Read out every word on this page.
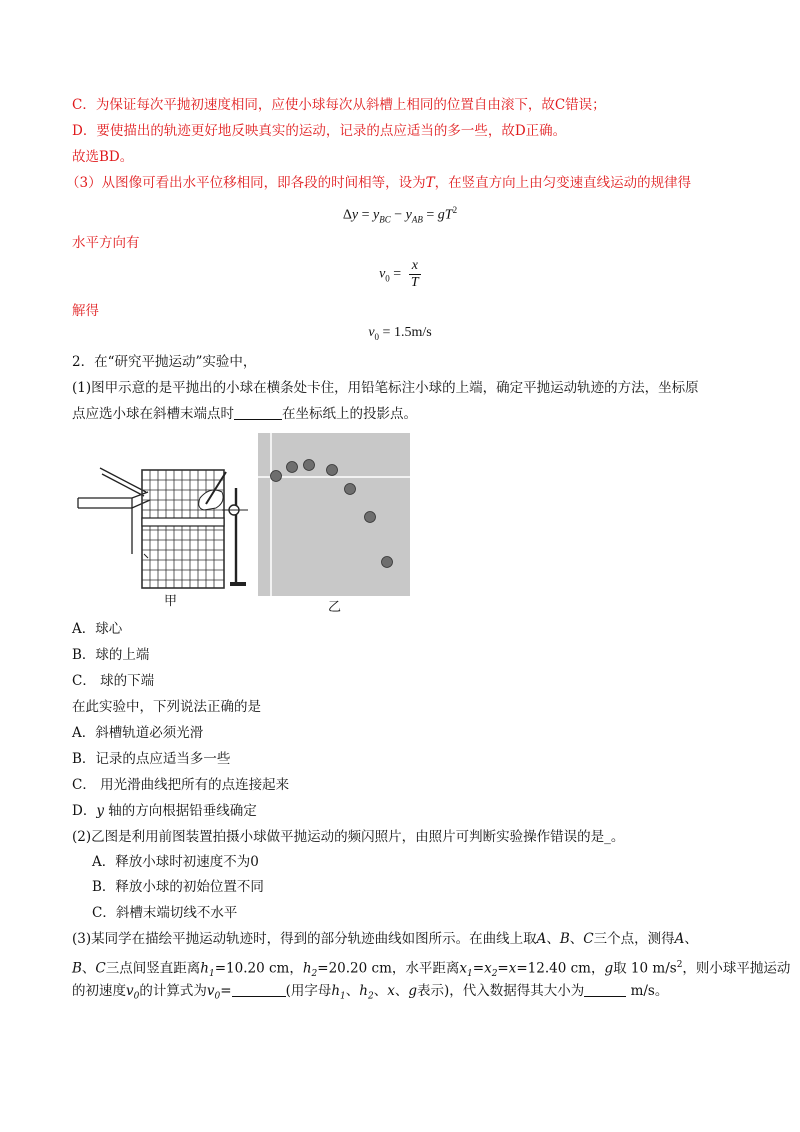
C．为保证每次平抛初速度相同，应使小球每次从斜槽上相同的位置自由滚下，故C错误；
D．要使描出的轨迹更好地反映真实的运动，记录的点应适当的多一些，故D正确。
故选BD。
（3）从图像可看出水平位移相同，即各段的时间相等，设为T，在竖直方向上由匀变速直线运动的规律得
$\Delta y = y_{BC} - y_{AB} = gT^2$
水平方向有
$v_0 = \frac{x}{T}$
解得
$v_0 = 1.5m/s$
2．在“研究平抛运动”实验中，
(1)图甲示意的是平抛出的小球在横条处卡住，用铅笔标注小球的上端，确定平抛运动轨迹的方法，坐标原
点应选小球在斜槽末端点时	在坐标纸上的投影点。
甲	乙
A．球心
B．球的上端
C． 球的下端
在此实验中，下列说法正确的是
A．斜槽轨道必须光滑
B．记录的点应适当多一些
C． 用光滑曲线把所有的点连接起来
D．y 轴的方向根据铅垂线确定
(2)乙图是利用前图装置拍摄小球做平抛运动的频闪照片，由照片可判断实验操作错误的是_。
A．释放小球时初速度不为0
B．释放小球的初始位置不同
C．斜槽末端切线不水平
(3)某同学在描绘平抛运动轨迹时，得到的部分轨迹曲线如图所示。在曲线上取A、B、C三个点，测得A、
B、C三点间竖直距离$h_1=10.20$ cm，$h_2=20.20$ cm，水平距离$x_1=x_2=x=12.40$ cm，g取 10 $m/s^2$，则小球平抛运动
的初速度$v_0$的计算式为$v_0=$	(用字母$h_1$、$h_2$、x、g表示)，代入数据得其大小为	m/s。
